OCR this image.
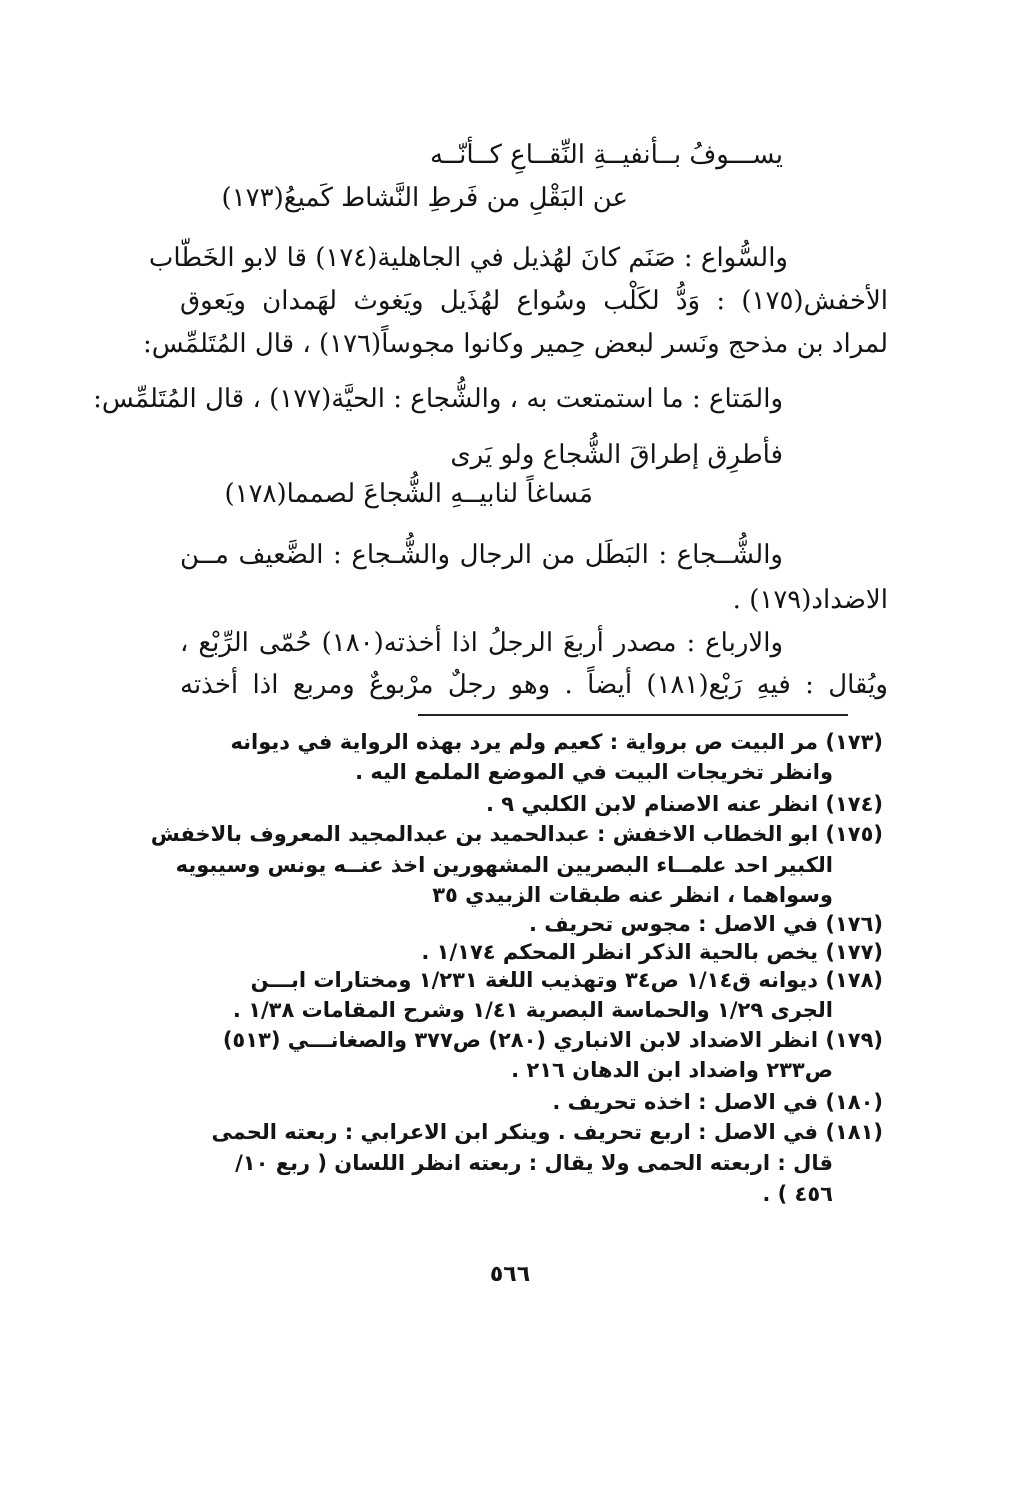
يســـوفُ بــأنفيــةِ النِّقــاعِ كــأنّــه
عن البَقْلِ من فَرطِ النَّشاط كَميعُ(١٧٣)
والسُّواع : صَنَم كانَ لهُذيل في الجاهلية(١٧٤) قا لابو الخَطّاب
الأخفش(١٧٥) : وَدُّ لكَلْب وسُواع لهُذَيل ويَغوث لهَمدان ويَعوق
لمراد بن مذحج ونَسر لبعض حِمير وكانوا مجوساً(١٧٦) ، قال المُتَلمِّس:
والمَتاع : ما استمتعت به ، والشُّجاع : الحيَّة(١٧٧) ، قال المُتَلمِّس:
فأطرِق إطراقَ الشُّجاع ولو يَرى
مَساغاً لنابيــهِ الشُّجاعَ لصمما(١٧٨)
والشُّــجاع : البَطَل من الرجال والشُّـجاع : الضَّعيف مــن
الاضداد(١٧٩) .
والارباع : مصدر أربعَ الرجلُ اذا أخذته(١٨٠) حُمّى الرِّبْع ،
ويُقال : فيهِ رَبْع(١٨١) أيضاً . وهو رجلٌ مرْبوعٌ ومربع اذا أخذته
(١٧٣) مر البيت ص برواية : كعيم ولم يرد بهذه الرواية في ديوانه
وانظر تخريجات البيت في الموضع الملمع اليه .
(١٧٤) انظر عنه الاصنام لابن الكلبي ٩ .
(١٧٥) ابو الخطاب الاخفش : عبدالحميد بن عبدالمجيد المعروف بالاخفش
الكبير احد علمــاء البصريين المشهورين اخذ عنــه يونس وسيبويه
وسواهما ، انظر عنه طبقات الزبيدي ٣٥
(١٧٦) في الاصل : مجوس تحريف .
(١٧٧) يخص بالحية الذكر انظر المحكم ١/١٧٤ .
(١٧٨) ديوانه ق١/١٤ ص٣٤ وتهذيب اللغة ١/٢٣١ ومختارات ابـــن
الجرى ١/٢٩ والحماسة البصرية ١/٤١ وشرح المقامات ١/٣٨ .
(١٧٩) انظر الاضداد لابن الانباري (٢٨٠) ص٣٧٧ والصغانـــي (٥١٣)
ص٢٣٣ واضداد ابن الدهان ٢١٦ .
(١٨٠) في الاصل : اخذه تحريف .
(١٨١) في الاصل : اربع تحريف . وينكر ابن الاعرابي : ربعته الحمى
قال : اربعته الحمى ولا يقال : ربعته انظر اللسان ( ربع ١٠/
٤٥٦ ) .
٥٦٦
